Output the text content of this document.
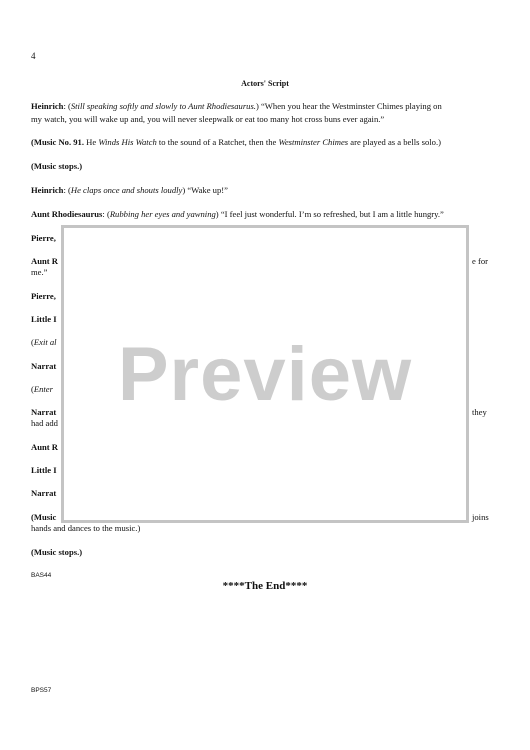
4
Actors' Script
Heinrich: (Still speaking softly and slowly to Aunt Rhodiesaurus.) “When you hear the Westminster Chimes playing on
my watch, you will wake up and, you will never sleepwalk or eat too many hot cross buns ever again.”
(Music No. 91. He Winds His Watch to the sound of a Ratchet, then the Westminster Chimes are played as a bells solo.)
(Music stops.)
Heinrich: (He claps once and shouts loudly) “Wake up!”
Aunt Rhodiesaurus: (Rubbing her eyes and yawning) “I feel just wonderful. I’m so refreshed, but I am a little hungry.”
Pierre,
Aunt R	e for
me.”
Pierre,
Little I
(Exit al
Narrat
(Enter
Narrat	they
had add
Aunt R
Little I
Narrat
(Music	joins
hands and dances to the music.)
(Music stops.)
BAS44
****The End****
BPS57
Preview
